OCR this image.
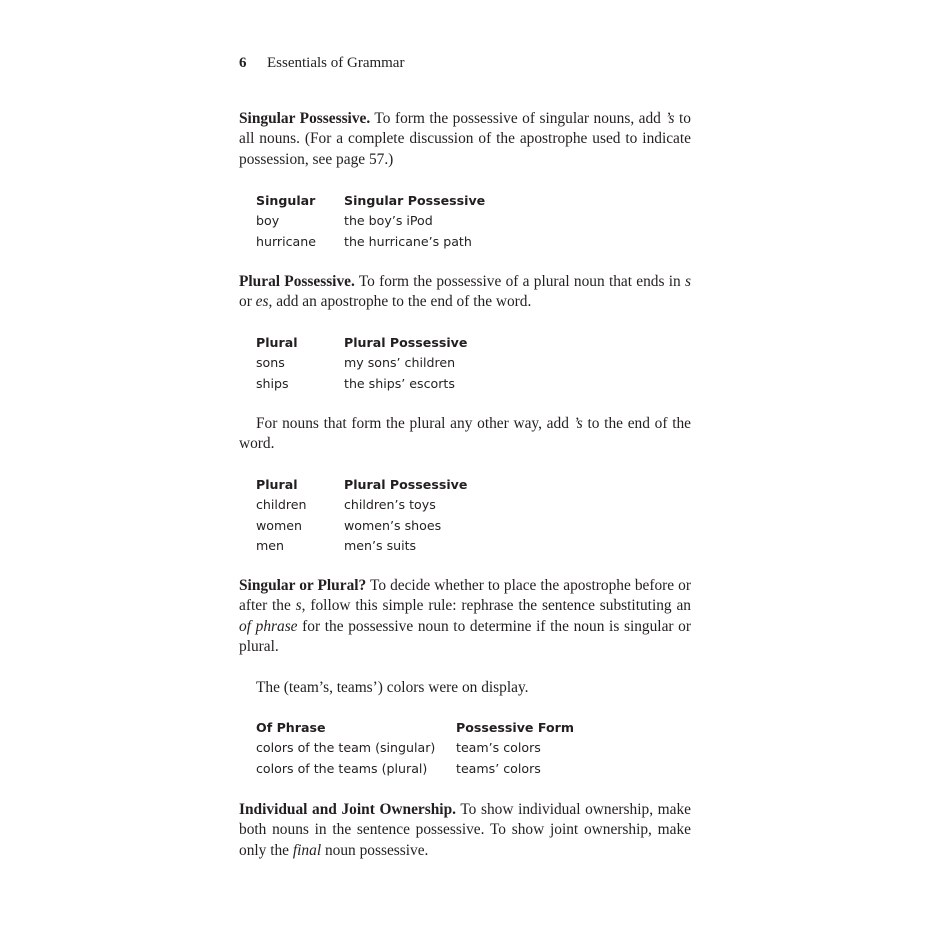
6 Essentials of Grammar

Singular Possessive. To form the possessive of singular nouns, add ’s to all nouns. (For a complete discussion of the apostrophe used to indicate possession, see page 57.)

Singular	Singular Possessive
boy	the boy’s iPod
hurricane	the hurricane’s path

Plural Possessive. To form the possessive of a plural noun that ends in s or es, add an apostrophe to the end of the word.

Plural	Plural Possessive
sons	my sons’ children
ships	the ships’ escorts

For nouns that form the plural any other way, add ’s to the end of the word.

Plural	Plural Possessive
children	children’s toys
women	women’s shoes
men	men’s suits

Singular or Plural? To decide whether to place the apostrophe before or after the s, follow this simple rule: rephrase the sentence substituting an of phrase for the possessive noun to determine if the noun is singular or plural.

The (team’s, teams’) colors were on display.

Of Phrase	Possessive Form
colors of the team (singular)	team’s colors
colors of the teams (plural)	teams’ colors

Individual and Joint Ownership. To show individual ownership, make both nouns in the sentence possessive. To show joint ownership, make only the final noun possessive.
